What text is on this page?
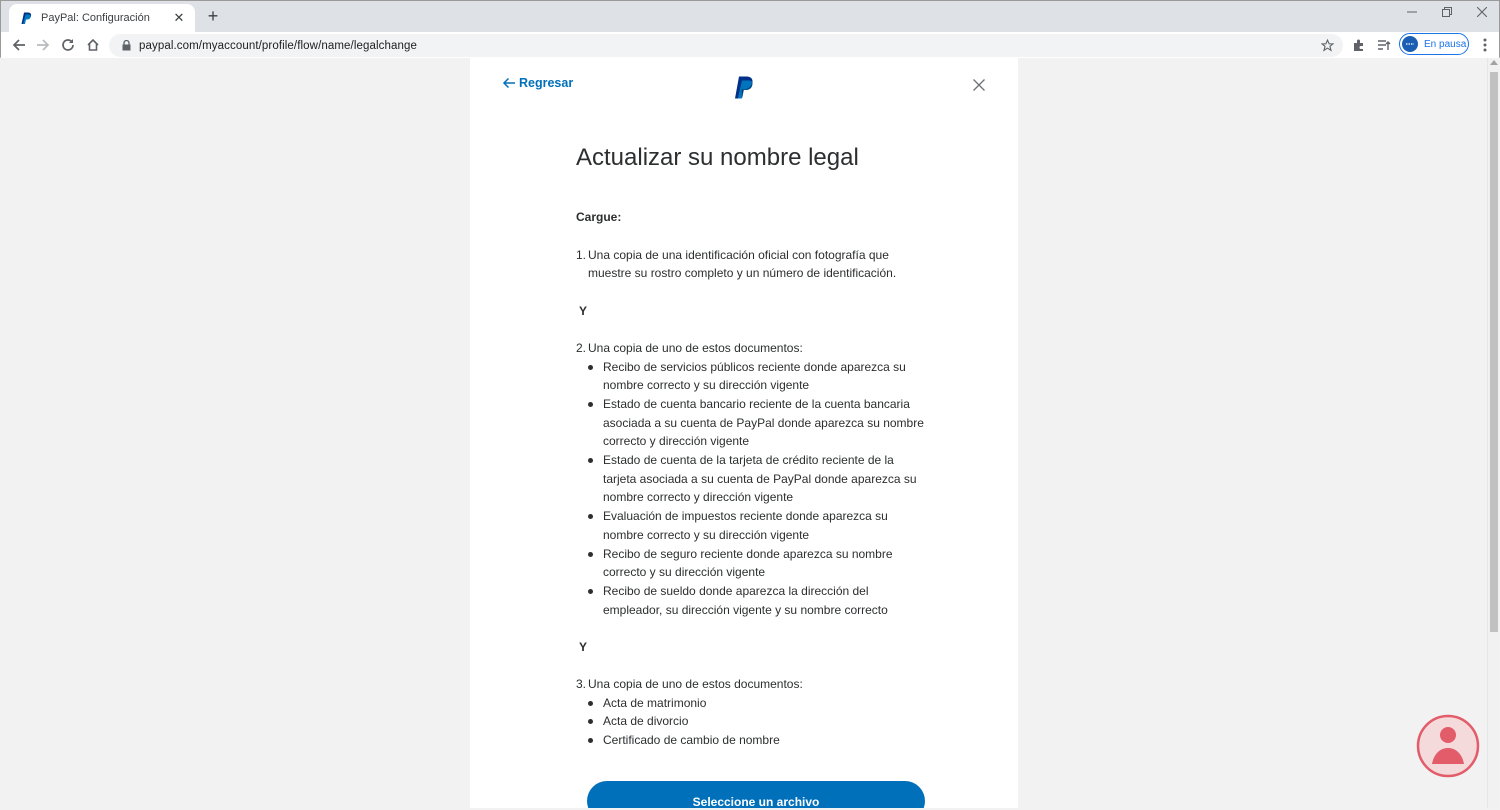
PayPal: Configuración	✕ +
paypal.com/myaccount/profile/flow/name/legalchange	En pausa
Regresar
Actualizar su nombre legal
Cargue:
1. Una copia de una identificación oficial con fotografía que muestre su rostro completo y un número de identificación.
Y
2. Una copia de uno de estos documentos:
Recibo de servicios públicos reciente donde aparezca su nombre correcto y su dirección vigente
Estado de cuenta bancario reciente de la cuenta bancaria asociada a su cuenta de PayPal donde aparezca su nombre correcto y dirección vigente
Estado de cuenta de la tarjeta de crédito reciente de la tarjeta asociada a su cuenta de PayPal donde aparezca su nombre correcto y dirección vigente
Evaluación de impuestos reciente donde aparezca su nombre correcto y su dirección vigente
Recibo de seguro reciente donde aparezca su nombre correcto y su dirección vigente
Recibo de sueldo donde aparezca la dirección del empleador, su dirección vigente y su nombre correcto
Y
3. Una copia de uno de estos documentos:
Acta de matrimonio
Acta de divorcio
Certificado de cambio de nombre
Seleccione un archivo
